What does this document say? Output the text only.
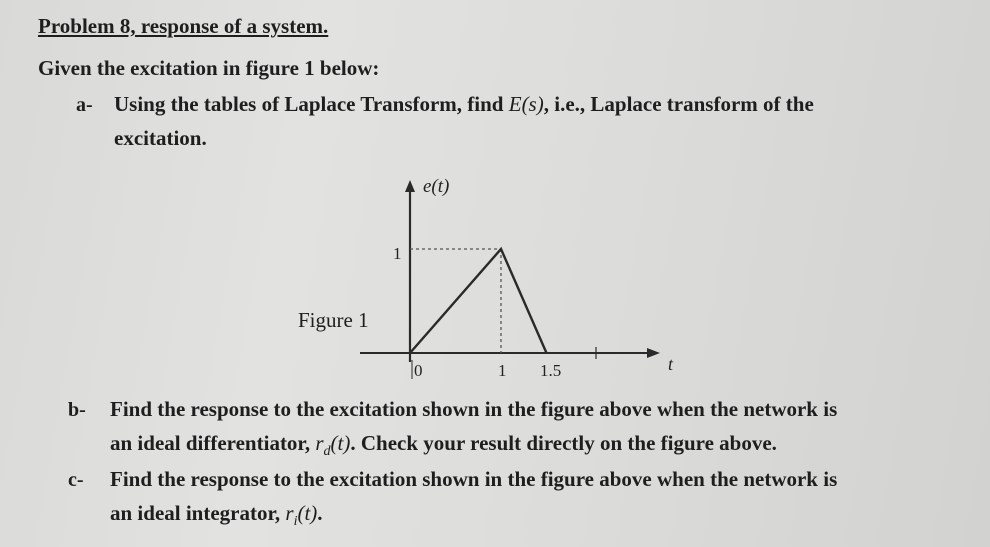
Problem 8, response of a system.
Given the excitation in figure 1 below:
a- Using the tables of Laplace Transform, find E(s), i.e., Laplace transform of the
excitation.
Figure 1
e(t)
t
1
0	1 1.5
b- Find the response to the excitation shown in the figure above when the network is
an ideal differentiator, $r_d(t)$. Check your result directly on the figure above.
c- Find the response to the excitation shown in the figure above when the network is
an ideal integrator, $r_i(t)$.
